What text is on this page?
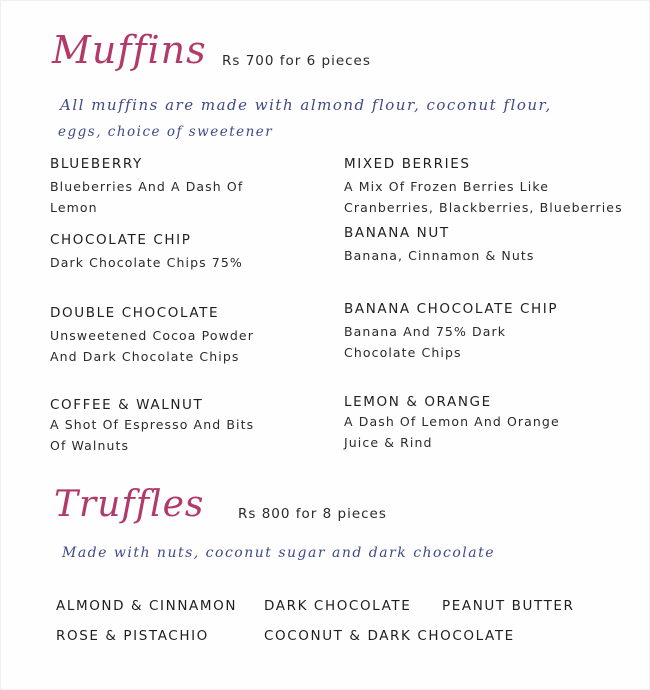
Muffins Rs 700 for 6 pieces
All muffins are made with almond flour, coconut flour,
eggs, choice of sweetener
BLUEBERRY
Blueberries And A Dash Of
Lemon
MIXED BERRIES
A Mix Of Frozen Berries Like
Cranberries, Blackberries, Blueberries
CHOCOLATE CHIP
Dark Chocolate Chips 75%
BANANA NUT
Banana, Cinnamon & Nuts
DOUBLE CHOCOLATE
Unsweetened Cocoa Powder
And Dark Chocolate Chips
BANANA CHOCOLATE CHIP
Banana And 75% Dark
Chocolate Chips
COFFEE & WALNUT
A Shot Of Espresso And Bits
Of Walnuts
LEMON & ORANGE
A Dash Of Lemon And Orange
Juice & Rind
Truffles Rs 800 for 8 pieces
Made with nuts, coconut sugar and dark chocolate
ALMOND & CINNAMON DARK CHOCOLATE PEANUT BUTTER
ROSE & PISTACHIO	COCONUT & DARK CHOCOLATE
